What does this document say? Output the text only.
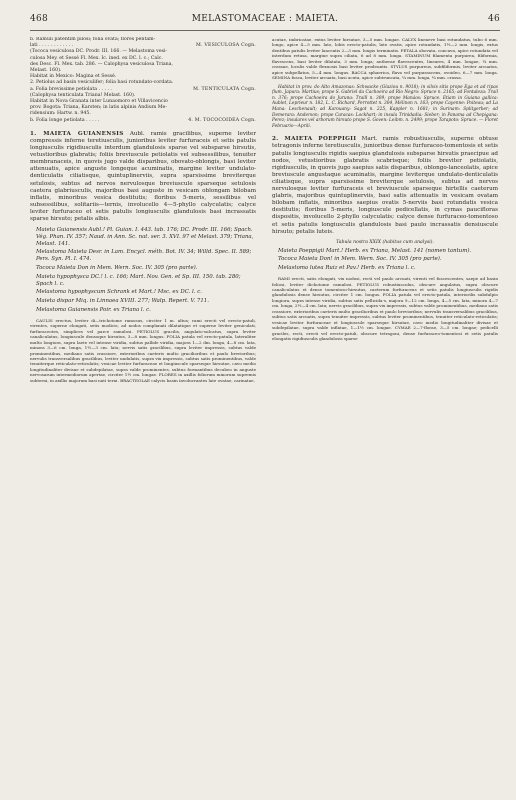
468	MELASTOMACEAE : MAIETA.	46
b. Ramuli patentim pilosi; folia ovata; flores pentam-
lati . . . . . . . . . . . .	M. VESICULOSA Cogn.
(Tococa vesiculosa DC. Prodr. III. 166. — Melastoma vesi-
culosa Mey. et Sessé Fl. Mex. Ic. ined. ex DC. l. c.; Calc.
des Desc. Fl. Mex. tab. 286. — Calophysa vesiculosa Triana,
Melast. 160).
Habitat in Mexico: Magina et Sessé.
2. Petiolus ad basin vesiculifer; folia basi rotundato-cordata.
a. Folia brevissime petiolata . . . . .	M. TENTICULATA Cogn.
(Calophysa tenticulata Triana! Melast. 160).
Habitat in Nova Granata inter Lunaomoro et Villavicencio
prov. Bogota: Triana, Karsten; in latis alpinis Andium Me-
ridensium: Hartw. n. 945.
b. Folia longe petiolata . . . . .	4. M. TOCOCOIDEA Cogn.

1. MAIETA GUIANENSIS Aubl. ramis gracilibus, superne leviter compressis inferne teretiusculis, junioribus leviter furfuraceis et setis patulis longiusculis rigidiusculis interdum glandulosis sparse vel subsparse hirsutis, vetustioribus glabratis; foliis breviuscule petiolatis vel subsessilibus, tenuiter membranaceis, in quovis jugo valde disparibus, obovato-oblongis, basi leviter attenuatis, apice anguste longeque acuminatis, margine leviter undulato-denticulatis ciliatisque, quintuplinerviis, supra sparsissime breviterque setulosis, subtus ad nervos nervulosque breviuscule sparseque setulosis caetera glabriusculis, majoribus basi auguste in vesicam oblongam bilobam inflatis, minoribus vesica destitutis; floribus 5-meris, sessilibus vel subsessilibus, solitariis—ternis, involucello 4—5-phyllo calyculatis; calyce leviter furfuraceo et setis patulis longiusculis glandulosis basi incrassatis sparse hirsuto; petalis albis.

Maieta Guianensis Aubl.! Pl. Guian. I. 443. tab. 176; DC. Prodr. III. 166; Spach. Vég. Phan. IV. 357; Naud. in Ann. Sc. nat. ser. 3. XVI. 97 et Melast. 379; Triana, Melast. 141.

Melastoma Maieta Desr. in Lam. Encycl. méth. Bot. IV. 34; Willd. Spec. II. 589; Pers. Syn. Pl. I. 474.

Tococa Maieta Don in Mem. Wern. Soc. IV. 305 (pro parte).

Maieta hypophysca DC.! l. c. 166; Mart. Nov. Gen. et Sp. III. 150. tab. 280; Spach l. c.

Melastoma hypophyscum Schrank et Mart.! Msc. ex DC. l. c.

Maieta dispar Miq. in Linnaea XVIII. 277; Walp. Repert. V. 711.

Melastoma Guianensis Poir. ex Triana l. c.

CAULIS erectus, leviter di—trichotome ramosus, circiter 1 m. altus; rami erecti vel erecto-patuli, virentes, superne elongati, setis modicis, ad nodos complanati dilatatique et superne leviter geniculati, furfuraceotes, simplices vel parce ramulosi. PETIOLUS gracilis, angulato-sulcatus, supra leviter canaliculatus, longiuscule densoque hirsutus, 3—8 mm. longus. FOLIA patula vel erecto-patula, lateraliter multo longiora, supra laete vel intense viridia, subtus pallide viridia, majora 1—2 dm. longa, 4—8 cm. lata, minora 3—6 cm. longa, 1½—3 cm. lata; nervis satis gracilibus, supra leviter impressis, subtus valde prominentibus, mediano satis crassiore, exterioribus caeteris multo gracilioribus et paulo brevioribus; nervulis transversalibus gracilibus, leviter undulatis, supra vix impressis, subtus satis prominentibus, valde tenuiterque reticulato-reticulatis; vesicae leviter furfuraceae et longiuscule sparseque hirsutae, cavo medio longitudinaliter divisae et subdepilatae, supra valde prominentes, subtus formantibus decubeo in anguste nervosarum intermediorum apertae, circiter 1½ cm. longae. FLORES in axillis foliorum minorum supremis subterni, in axillis majorum basi nati terni. BRACTEOLAE calycis basin involucrantes late ovatae, carinatae,

acutae, imbricatae, extus leviter hirsutae, 3—5 mm. longae. CALYX lineaeve basi rotundatus, tubo 6 mm. longo, apice 4—5 mm. lato, lobis erecto-patulis, late ovatis, apice rotundatis, 1½—2 mm. longis, extus dentibus patulis leviter lanceatis 2—3 mm. longis terminatis. PETALA obovata, concava, apice rotundata vel interdum retusa, margine supra ciliata, 6 ad 8 mm. longa. STAMINUM filamenta purpurea, filiformia, flavescens, basi leviter dilatata, 3 mm. longa; antherae flavescentes, lineares, 4 mm. longae, ¼ mm. crassae, loculis valde flexuosis basi leviter prodeuntis. STYLUS purpureus, subfiliformis, leviter arcuatus, apice subpellatus, 5—4 mm. longus. BACCA sphaerica, flava vel purpurascens, ovoideo, 6—7 mm. longa. SEMINA fusca, leviter arcuata, basi acuta, apice subtruncata, ¼ mm. longa, ¼ mm. crassa.

Habitat in prov. do Alto Amazonas: Schwacke (Glaziou n. 9018); in silvis sitis prope Ega et ad ripas flum. Japura: Martius; prope S. Gabriel da Cachoeira ad Rio Negro: Spruce n. 2165; ad Fontaleza: Trail n. 376; prope Cachoeira do Juruna: Traill n. 309; prope Manáos: Spruce. Etiam in Guiana gallica: Aublet, Leprieur n. 182, L. C. Richard, Perrottet n. 304, Mélinon n. 163; prope Cayenne: Poiteau; ad La Mana: Leschenault; ad Karouany: Sagot n. 225, Kappler n. 1681; in Surinam: Splitgerber; ad Demerara: Anderson; prope Caracas: Lockhart; in insula Trinidadia: Sieber; in Panama ad Chepigana: Perez; insulares vel arborum hirsuto prope S. Goven: Leibm. n. 2499; prope Tarapoto: Spruce. — Floret Februario—Aprili.

2. MAIETA POEPPIGII Mart. ramis robustiusculis, superne obtuse tetragonis inferne teretiusculis, junioribus dense furfuraceo-tomentosis et setis patulis longiusculis rigidis saepius glandulosis subsparse hirsutis praecipue ad nodos, vetustioribus glabratis scabrisque; foliis breviter petiolatis, rigidiusculis, in quovis jugo saepius satis disparibus, oblongo-lanceolatis, apice breviuscule angustaque acuminatis, margine leviterque undulato-denticulatis ciliatisque, supra sparsissime breviterque setulosis, subtus ad nervos nervulosque leviter furfuraceis et breviuscule sparseque hirtellis caeterum glabris, majoribus quintuplinerviis, basi satis attenuatis in vesicam ovatam bilobam inflatis, minoribus saepius ovatis 5-nerviis basi rotundatis vesica destitutis; floribus 5-meris, longiuscule pedicellatis, in cymas paucifloras dispositis, involucello 2-phyllo calyculatis; calyce dense furfuraceo-tomentoso et setis patulis longiusculis glandulosis basi paulo incrassatis densiuscule hirsuto; petalis luteis.

Tabula nostra XXIX (habitus cum analysi).

Maieta Poeppigii Mart.! Herb. ex Triana, Melast. 141 (nomen tantum).

Tococa Maieta Don! in Mem. Wern. Soc. IV. 305 (pro parte).

Melastoma lutea Ruiz et Pav.! Herb. ex Triana l. c.

RAMI erecti, satis elongati, vix nodosi, recti vel paulo arcuati, virenti vel fuscescentes, saepe ad basin foliosi, leviter dichotome ramulosi. PETIOLUS robustiusculus, obscure angulatus, supra obscure canaliculatus et dense tomentoso-hirsutus, caeterum furfuraceus et setis patulis longiusculis rigidis glandulosis dense hirsutus, circiter 1 cm. longus. FOLIA patula vel erecto-patula, interiorilis subdulpio longiora, supra intense viridia, subtus satis pellicida-s, majora 9—12 cm. longa, 4—5 cm. lata, minora 4—7 cm. longa, 2½—4 cm. lata; nervis gracilibus, supra vix impressis, subtus valde prominentibus, mediano satis crassiore, exterioribus caeteris multo gracilioribus et paulo brevioribus; nervulis transversalibus gracilibus, subtus satis arcuatis, supra tenuiter impressis, subtus leviter prominentibus, tenuiter reticulato-reticulatis; vesicae leviter furfuraceae et longiuscule sparseque hirsutae, cavo medio longitudinaliter divisae et subdepilatae, supra valde inflatae, 1—1½ cm. longae. CYMAE 2—7-florae, 3—5 cm. longae; pedicelli graciles, recti, erecti vel erecto-patuli, obscure tetragoni, dense furfuraceo-tomentosi et setis patulis elongatis rigidiusculis glandulosis sparse
